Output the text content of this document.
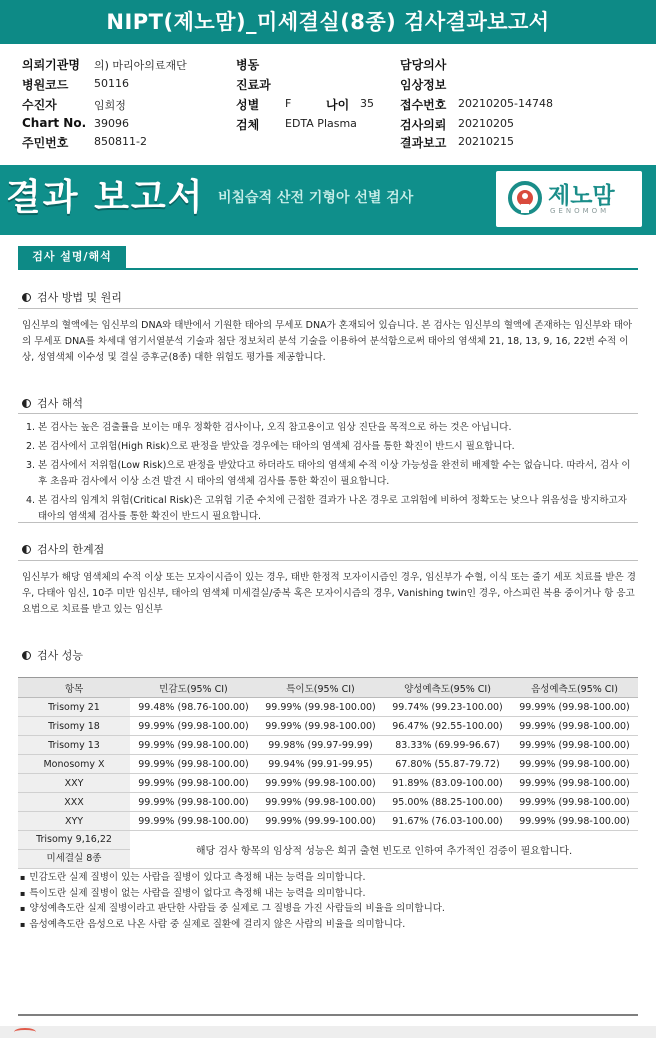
NIPT(제노맘)_미세결실(8종) 검사결과보고서
의뢰기관명 의) 마리아의료재단
병원코드 50116
수진자	임희정
Chart No. 39096
주민번호 850811-2
병동
진료과
성별 F	나이 35
검체 EDTA Plasma
담당의사
임상정보
접수번호 20210205-14748
검사의뢰 20210205
결과보고 20210215
결과 보고서 비침습적 산전 기형아 선별 검사	제노맘
GENOMOM
검사 설명/해석
검사 방법 및 원리
임신부의 혈액에는 임신부의 DNA와 태반에서 기원한 태아의 무세포 DNA가 혼재되어 있습니다. 본 검사는 임신부의 혈액에 존재하는 임신부와 태아의 무세포 DNA를 차세대 염기서열분석 기술과 첨단 정보처리 분석 기술을 이용하여 분석함으로써 태아의 염색체 21, 18, 13, 9, 16, 22번 수적 이상, 성염색체 이수성 및 결실 증후군(8종) 대한 위험도 평가를 제공합니다.
검사 해석
1. 본 검사는 높은 검출률을 보이는 매우 정확한 검사이나, 오직 참고용이고 임상 진단을 목적으로 하는 것은 아닙니다.
2. 본 검사에서 고위험(High Risk)으로 판정을 받았을 경우에는 태아의 염색체 검사를 통한 확진이 반드시 필요합니다.
3. 본 검사에서 저위험(Low Risk)으로 판정을 받았다고 하더라도 태아의 염색체 수적 이상 가능성을 완전히 배제할 수는 없습니다. 따라서, 검사 이후 초음파 검사에서 이상 소견 발견 시 태아의 염색체 검사를 통한 확진이 필요합니다.
4. 본 검사의 임계치 위험(Critical Risk)은 고위험 기준 수치에 근접한 결과가 나온 경우로 고위험에 비하여 정확도는 낮으나 위음성을 방지하고자 태아의 염색체 검사를 통한 확진이 반드시 필요합니다.
검사의 한계점
임신부가 해당 염색체의 수적 이상 또는 모자이시즘이 있는 경우, 태반 한정적 모자이시즘인 경우, 임신부가 수혈, 이식 또는 줄기 세포 치료를 받은 경우, 다태아 임신, 10주 미만 임신부, 태아의 염색체 미세결실/중복 혹은 모자이시즘의 경우, Vanishing twin인 경우, 아스피린 복용 중이거나 항 응고 요법으로 치료를 받고 있는 임신부
검사 성능
항목	민감도(95% CI)	특이도(95% CI)	양성예측도(95% CI)	음성예측도(95% CI)
Trisomy 21	99.48% (98.76-100.00)	99.99% (99.98-100.00)	99.74% (99.23-100.00)	99.99% (99.98-100.00)
Trisomy 18	99.99% (99.98-100.00)	99.99% (99.98-100.00)	96.47% (92.55-100.00)	99.99% (99.98-100.00)
Trisomy 13	99.99% (99.98-100.00)	99.98% (99.97-99.99)	83.33% (69.99-96.67)	99.99% (99.98-100.00)
Monosomy X	99.99% (99.98-100.00)	99.94% (99.91-99.95)	67.80% (55.87-79.72)	99.99% (99.98-100.00)
XXY	99.99% (99.98-100.00)	99.99% (99.98-100.00)	91.89% (83.09-100.00)	99.99% (99.98-100.00)
XXX	99.99% (99.98-100.00)	99.99% (99.98-100.00)	95.00% (88.25-100.00)	99.99% (99.98-100.00)
XYY	99.99% (99.98-100.00)	99.99% (99.99-100.00)	91.67% (76.03-100.00)	99.99% (99.98-100.00)

Trisomy 9,16,22
미세결실 8종	해당 검사 항목의 임상적 성능은 희귀 출현 빈도로 인하여 추가적인 검증이 필요합니다.			
▪ 민감도란 실제 질병이 있는 사람을 질병이 있다고 측정해 내는 능력을 의미합니다.
▪ 특이도란 실제 질병이 없는 사람을 질병이 없다고 측정해 내는 능력을 의미합니다.
▪ 양성예측도란 실제 질병이라고 판단한 사람들 중 실제로 그 질병을 가진 사람들의 비율을 의미합니다.
▪ 음성예측도란 음성으로 나온 사람 중 실제로 질환에 걸리지 않은 사람의 비율을 의미합니다.
